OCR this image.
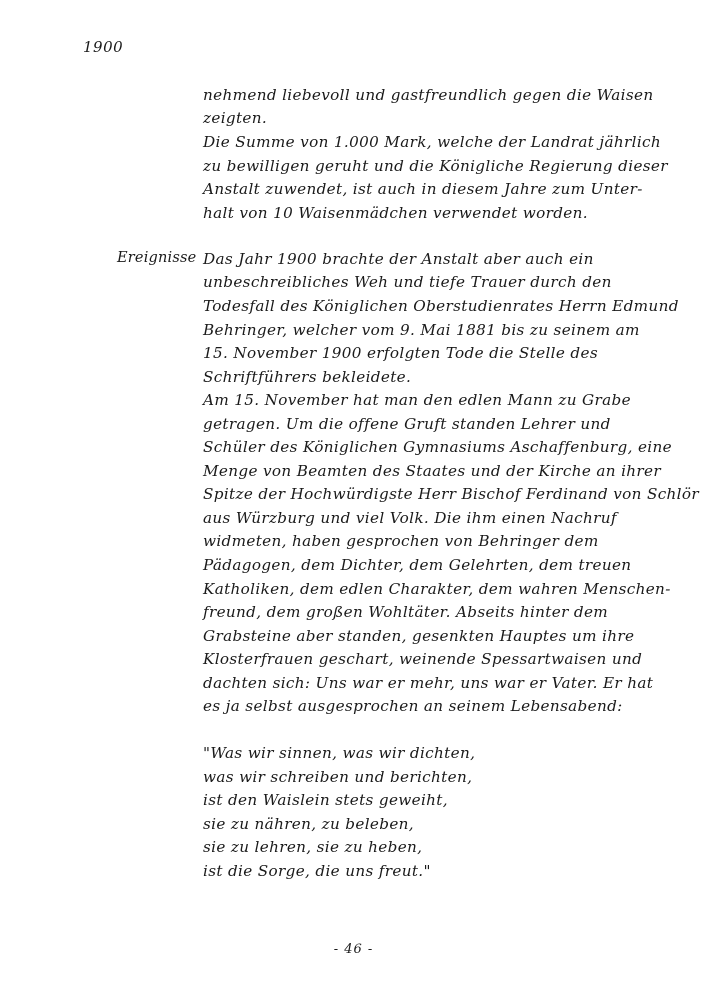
1900
Ereignisse
nehmend liebevoll und gastfreundlich gegen die Waisen
zeigten.
Die Summe von 1.000 Mark, welche der Landrat jährlich
zu bewilligen geruht und die Königliche Regierung dieser
Anstalt zuwendet, ist auch in diesem Jahre zum Unter-
halt von 10 Waisenmädchen verwendet worden.
Das Jahr 1900 brachte der Anstalt aber auch ein
unbeschreibliches Weh und tiefe Trauer durch den
Todesfall des Königlichen Oberstudienrates Herrn Edmund
Behringer, welcher vom 9. Mai 1881 bis zu seinem am
15. November 1900 erfolgten Tode die Stelle des
Schriftführers bekleidete.
Am 15. November hat man den edlen Mann zu Grabe
getragen. Um die offene Gruft standen Lehrer und
Schüler des Königlichen Gymnasiums Aschaffenburg, eine
Menge von Beamten des Staates und der Kirche an ihrer
Spitze der Hochwürdigste Herr Bischof Ferdinand von Schlör
aus Würzburg und viel Volk. Die ihm einen Nachruf
widmeten, haben gesprochen von Behringer dem
Pädagogen, dem Dichter, dem Gelehrten, dem treuen
Katholiken, dem edlen Charakter, dem wahren Menschen-
freund, dem großen Wohltäter. Abseits hinter dem
Grabsteine aber standen, gesenkten Hauptes um ihre
Klosterfrauen geschart, weinende Spessartwaisen und
dachten sich: Uns war er mehr, uns war er Vater. Er hat
es ja selbst ausgesprochen an seinem Lebensabend:
"Was wir sinnen, was wir dichten,
was wir schreiben und berichten,
ist den Waislein stets geweiht,
sie zu nähren, zu beleben,
sie zu lehren, sie zu heben,
ist die Sorge, die uns freut."
- 46 -
